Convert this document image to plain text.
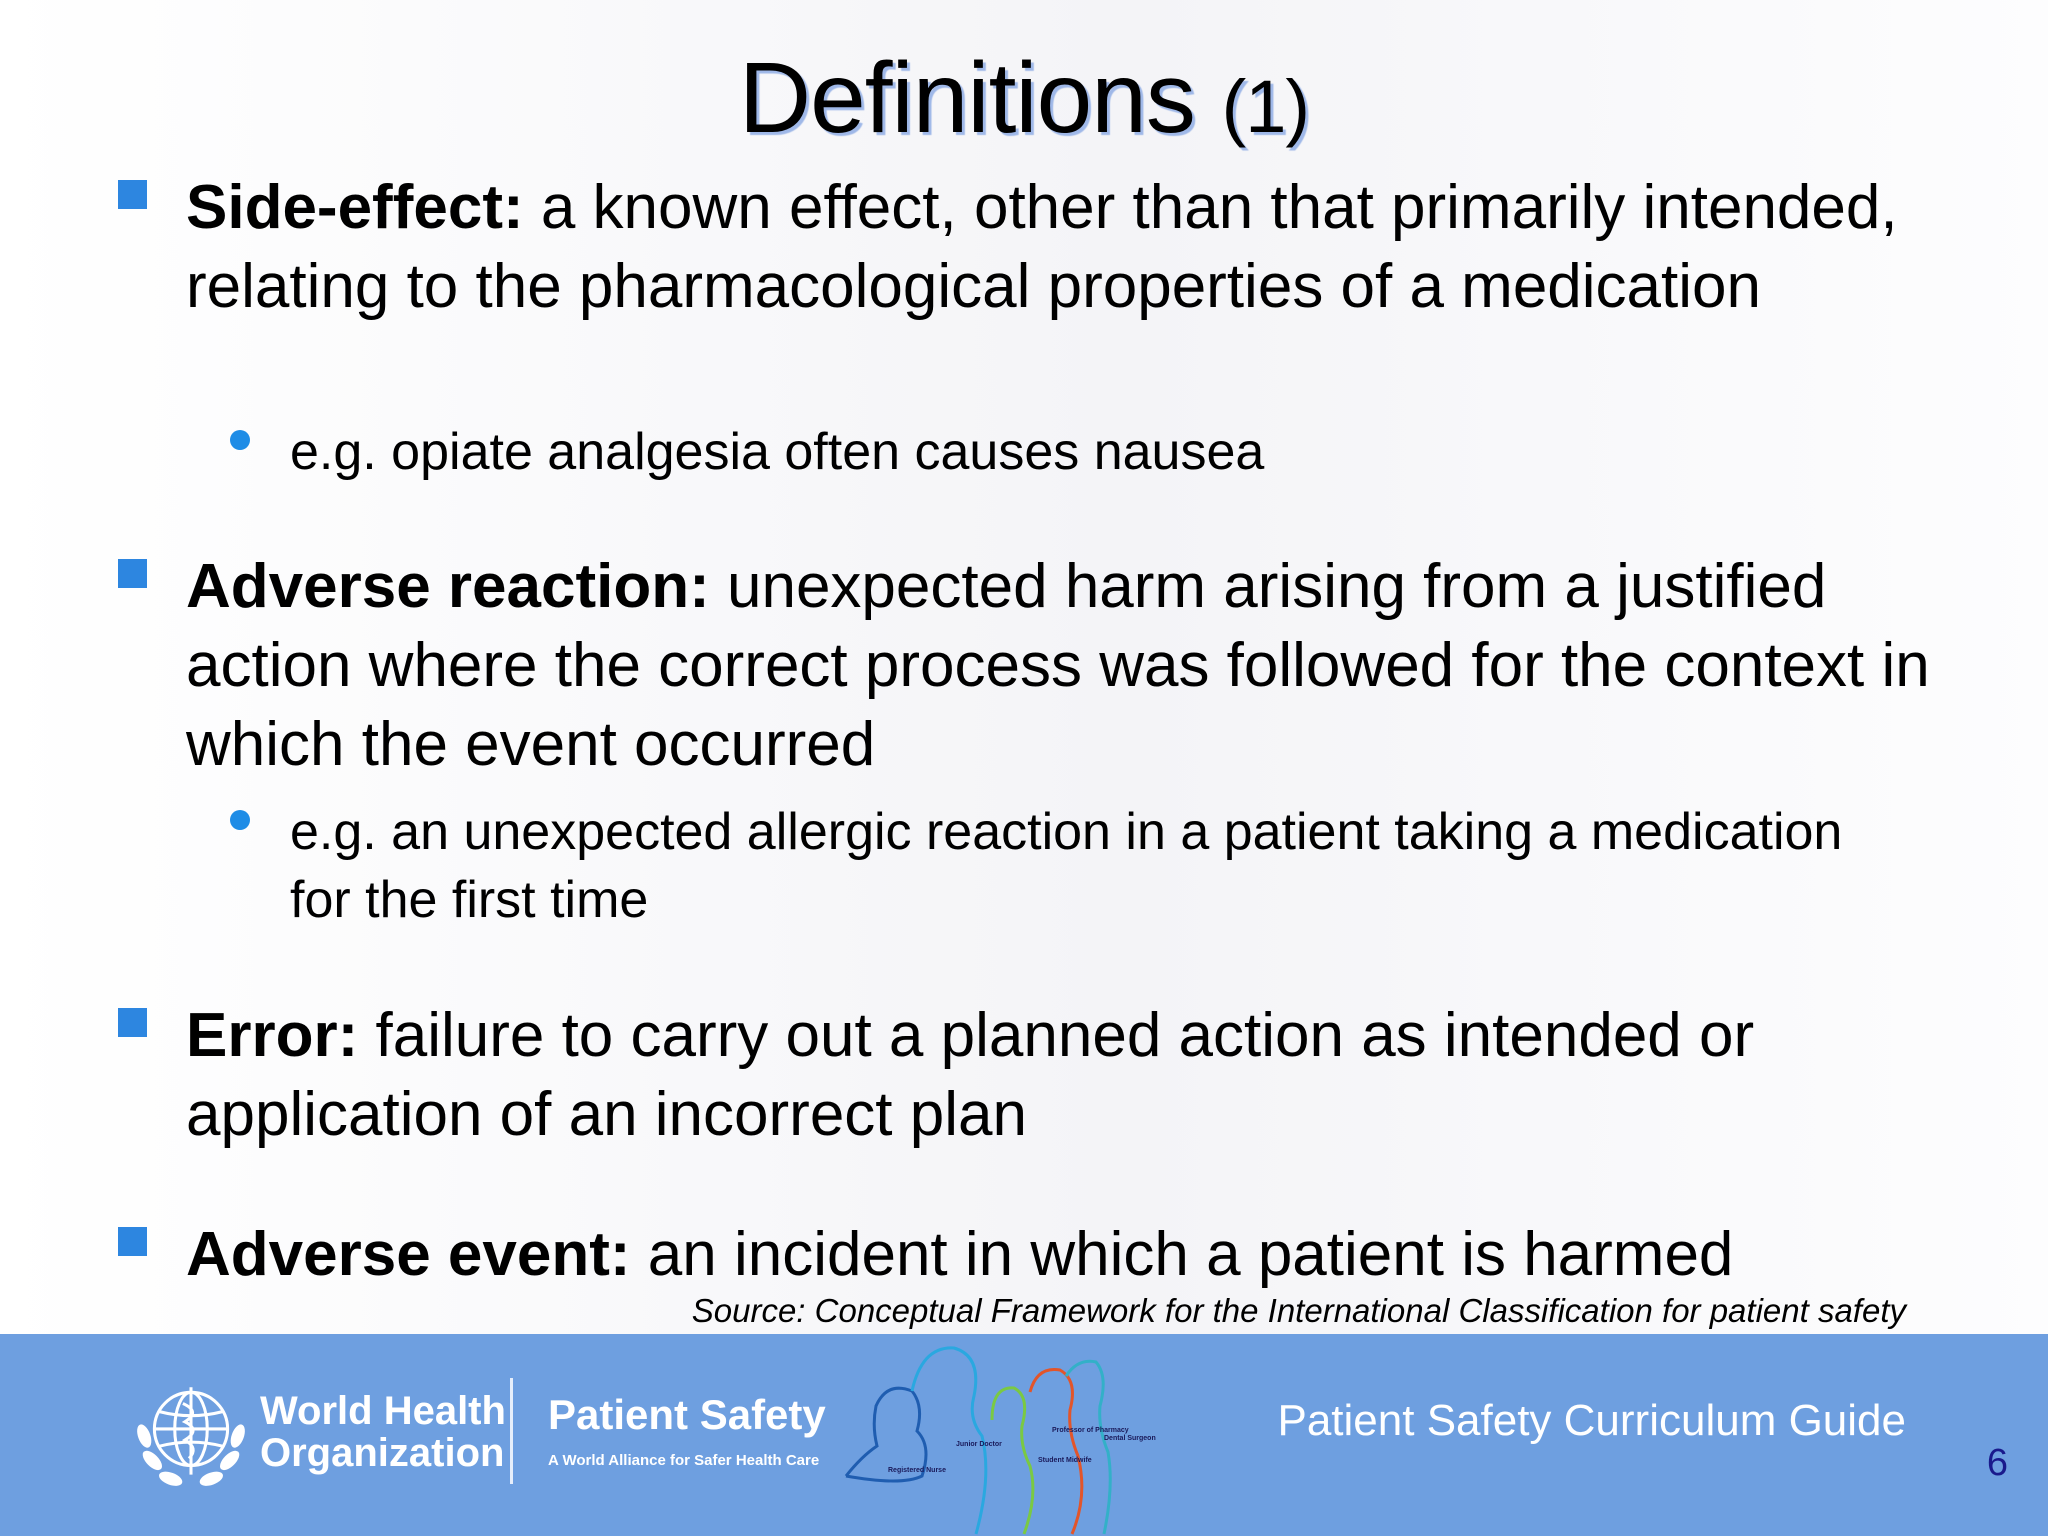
Definitions (1)
Side-effect: a known effect, other than that primarily intended, relating to the pharmacological properties of a medication
e.g. opiate analgesia often causes nausea
Adverse reaction: unexpected harm arising from a justified action where the correct process was followed for the context in which the event occurred
e.g. an unexpected allergic reaction in a patient taking a medication for the first time
Error: failure to carry out a planned action as intended or application of an incorrect plan
Adverse event: an incident in which a patient is harmed
Source: Conceptual Framework for the International Classification for patient safety
World Health
Organization
Patient Safety
A World Alliance for Safer Health Care
Registered Nurse
Junior Doctor
Professor of Pharmacy
Student Midwife
Dental Surgeon	Patient Safety Curriculum Guide
6
